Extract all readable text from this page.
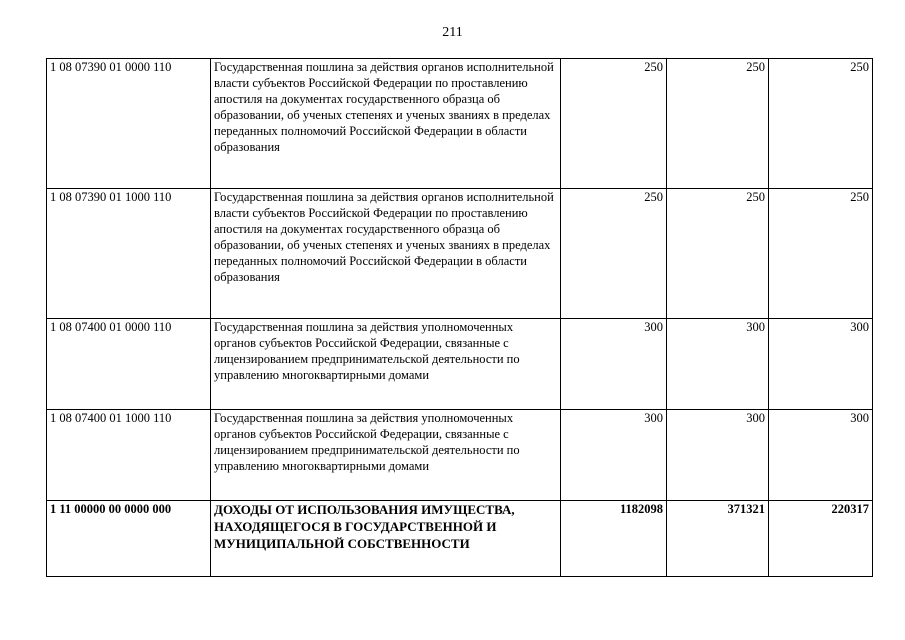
211
1 08 07390 01 0000 110	Государственная пошлина за действия органов исполнительной власти субъектов Российской Федерации по проставлению апостиля на документах государственного образца об образовании, об ученых степенях и ученых званиях в пределах переданных полномочий Российской Федерации в области образования	250	250	250
1 08 07390 01 1000 110	Государственная пошлина за действия органов исполнительной власти субъектов Российской Федерации по проставлению апостиля на документах государственного образца об образовании, об ученых степенях и ученых званиях в пределах переданных полномочий Российской Федерации в области образования	250	250	250
1 08 07400 01 0000 110	Государственная пошлина за действия уполномоченных органов субъектов Российской Федерации, связанные с лицензированием предпринимательской деятельности по управлению многоквартирными домами	300	300	300
1 08 07400 01 1000 110	Государственная пошлина за действия уполномоченных органов субъектов Российской Федерации, связанные с лицензированием предпринимательской деятельности по управлению многоквартирными домами	300	300	300
1 11 00000 00 0000 000	ДОХОДЫ ОТ ИСПОЛЬЗОВАНИЯ ИМУЩЕСТВА, НАХОДЯЩЕГОСЯ В ГОСУДАРСТВЕННОЙ И МУНИЦИПАЛЬНОЙ СОБСТВЕННОСТИ	1182098	371321	220317
